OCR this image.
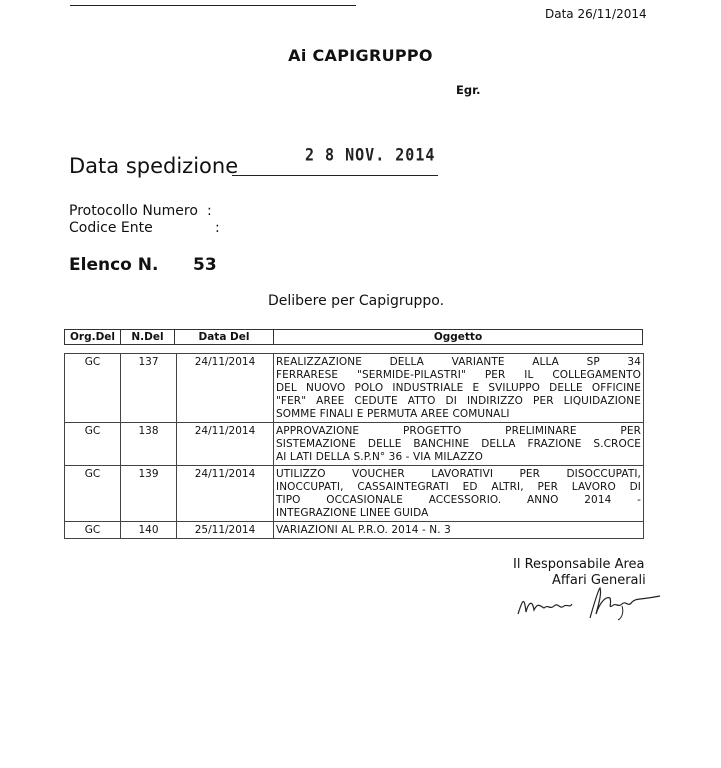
Data 26/11/2014
Ai CAPIGRUPPO
Egr.
2 8 NOV. 2014
Data spedizione
Protocollo Numero :
Codice Ente	:
Elenco N. 53
Delibere per Capigruppo.
Org.Del	N.Del	Data Del	Oggetto
GC	137	24/11/2014	REALIZZAZIONE DELLA VARIANTE ALLA SP 34
FERRARESE "SERMIDE-PILASTRI" PER IL COLLEGAMENTO
DEL NUOVO POLO INDUSTRIALE E SVILUPPO DELLE OFFICINE
"FER" AREE CEDUTE ATTO DI INDIRIZZO PER LIQUIDAZIONE
SOMME FINALI E PERMUTA AREE COMUNALI

GC	138	24/11/2014	APPROVAZIONE PROGETTO PRELIMINARE PER
SISTEMAZIONE DELLE BANCHINE DELLA FRAZIONE S.CROCE
AI LATI DELLA S.P.N° 36 - VIA MILAZZO

GC	139	24/11/2014	UTILIZZO VOUCHER LAVORATIVI PER DISOCCUPATI,
INOCCUPATI, CASSAINTEGRATI ED ALTRI, PER LAVORO DI
TIPO OCCASIONALE ACCESSORIO. ANNO 2014 -
INTEGRAZIONE LINEE GUIDA

GC	140	25/11/2014	VARIAZIONI AL P.R.O. 2014 - N. 3
Il Responsabile Area
Affari Generali
